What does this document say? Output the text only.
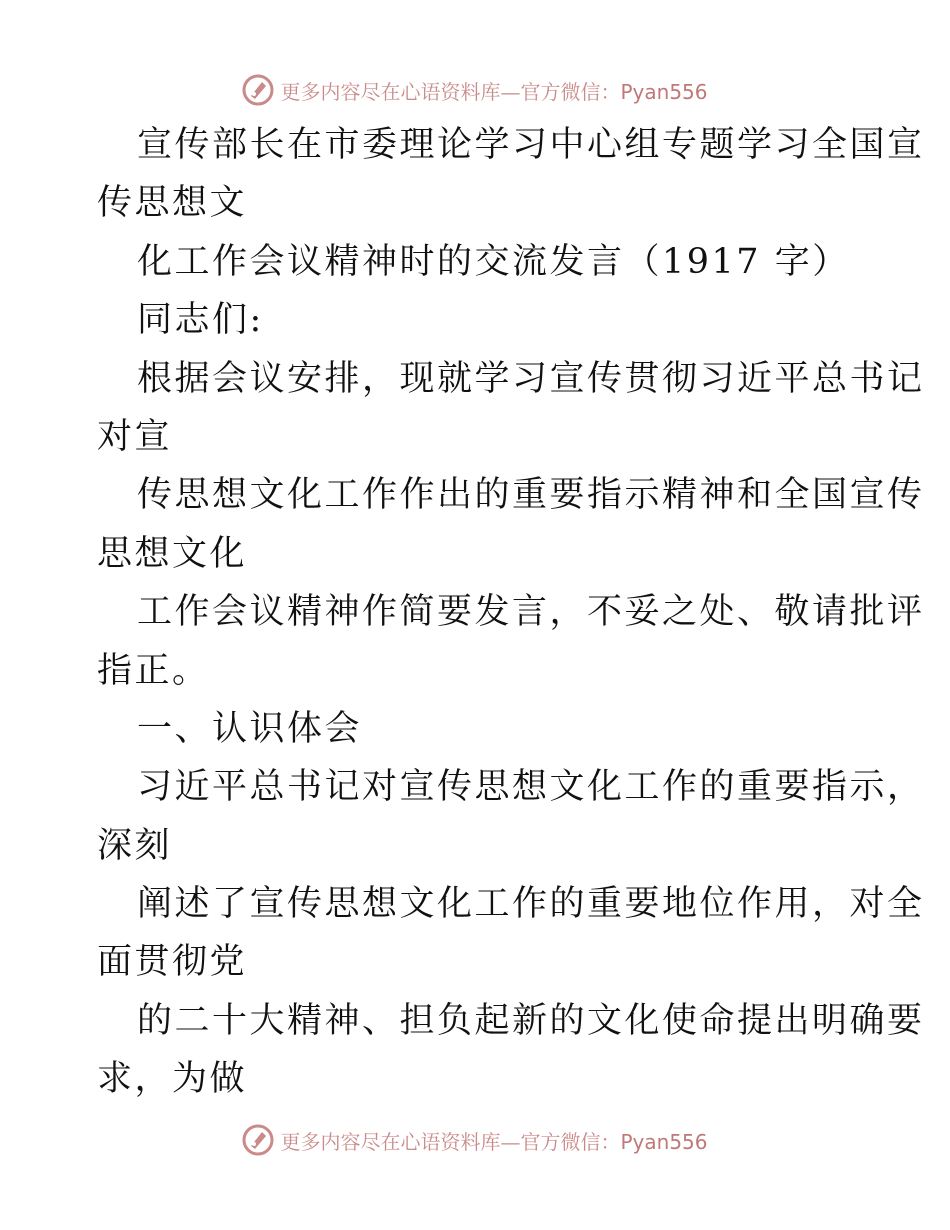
更多内容尽在心语资料库—官方微信：Pyan556
宣传部长在市委理论学习中心组专题学习全国宣
传思想文
化工作会议精神时的交流发言（1917 字）
同志们:
根据会议安排，现就学习宣传贯彻习近平总书记
对宣
传思想文化工作作出的重要指示精神和全国宣传
思想文化
工作会议精神作简要发言，不妥之处、敬请批评
指正。
一、认识体会
习近平总书记对宣传思想文化工作的重要指示，
深刻
阐述了宣传思想文化工作的重要地位作用，对全
面贯彻党
的二十大精神、担负起新的文化使命提出明确要
求，为做
更多内容尽在心语资料库—官方微信：Pyan556
